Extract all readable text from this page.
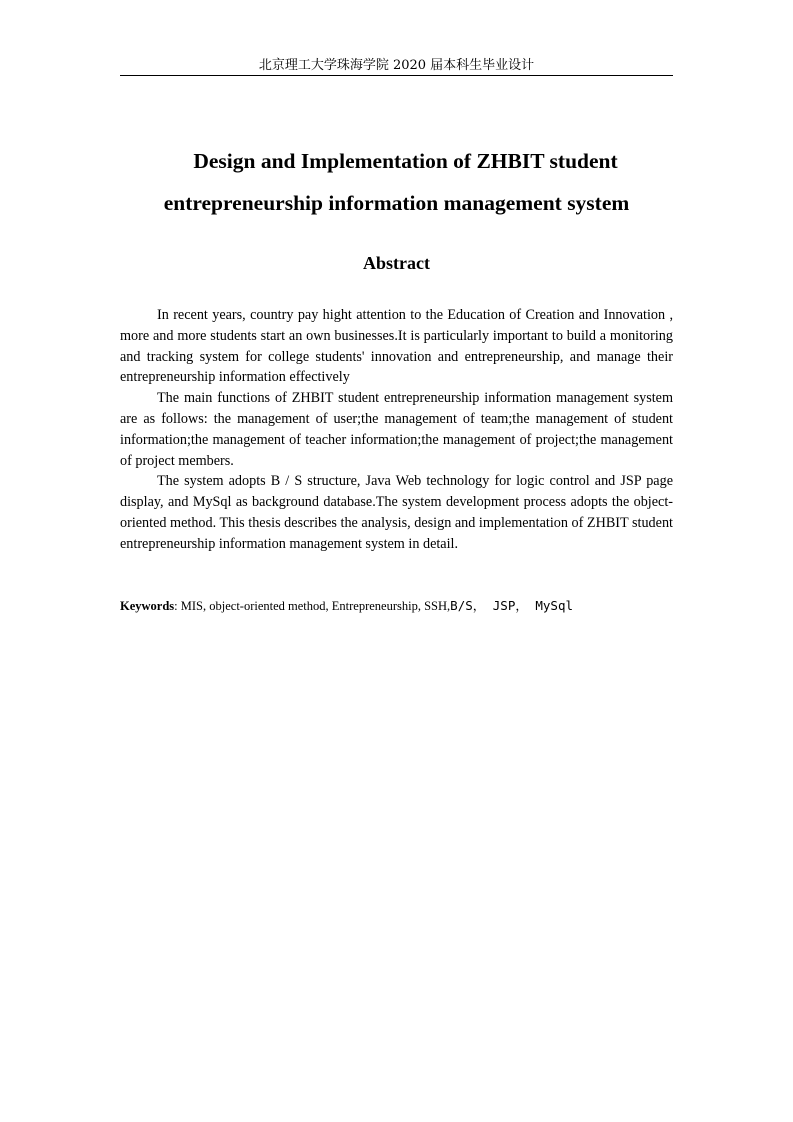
北京理工大学珠海学院 2020 届本科生毕业设计
Design and Implementation of ZHBIT student
entrepreneurship information management system
Abstract

In recent years, country pay hight attention to the Education of Creation and Innovation , more and more students start an own businesses.It is particularly important to build a monitoring and tracking system for college students' innovation and entrepreneurship, and manage their entrepreneurship information effectively

The main functions of ZHBIT student entrepreneurship information management system are as follows: the management of user;the management of team;the management of student information;the management of teacher information;the management of project;the management of project members.

The system adopts B / S structure, Java Web technology for logic control and JSP page display, and MySql as background database.The system development process adopts the object-oriented method. This thesis describes the analysis, design and implementation of ZHBIT student entrepreneurship information management system in detail.

Keywords: MIS, object-oriented method, Entrepreneurship, SSH,B/S， JSP， MySql
